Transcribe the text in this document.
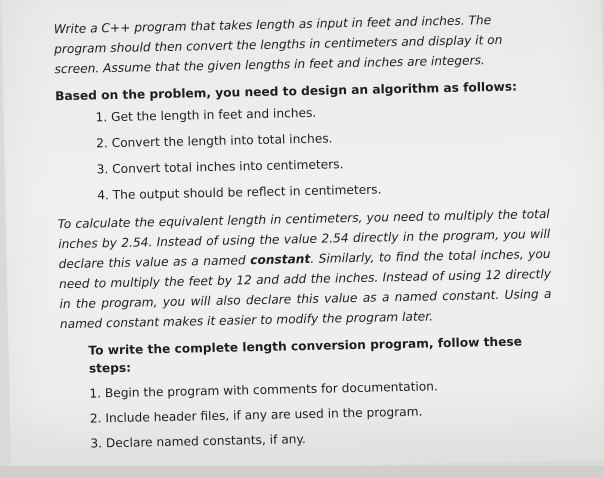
Write a C++ program that takes length as input in feet and inches. The program should then convert the lengths in centimeters and display it on screen. Assume that the given lengths in feet and inches are integers.

Based on the problem, you need to design an algorithm as follows:

1. Get the length in feet and inches.
2. Convert the length into total inches.
3. Convert total inches into centimeters.
4. The output should be reflect in centimeters.

To calculate the equivalent length in centimeters, you need to multiply the total inches by 2.54. Instead of using the value 2.54 directly in the program, you will declare this value as a named constant. Similarly, to find the total inches, you need to multiply the feet by 12 and add the inches. Instead of using 12 directly in the program, you will also declare this value as a named constant. Using a named constant makes it easier to modify the program later.

To write the complete length conversion program, follow these steps:

1. Begin the program with comments for documentation.
2. Include header files, if any are used in the program.
3. Declare named constants, if any.
